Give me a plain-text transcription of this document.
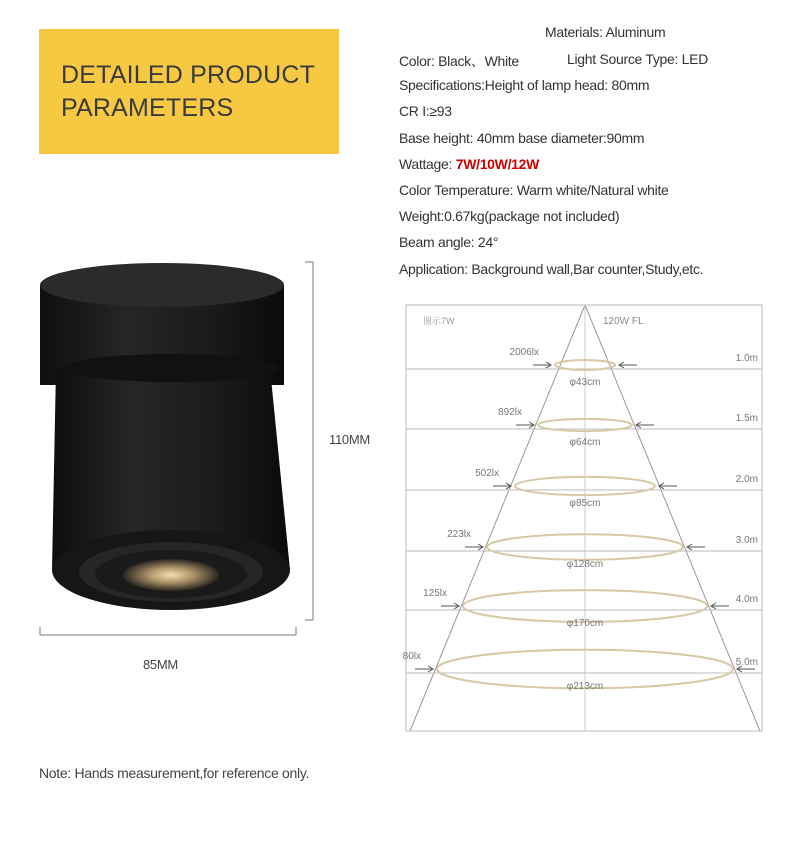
DETAILED PRODUCT
PARAMETERS
Materials: Aluminum
Color: Black、White	Light Source Type: LED
Specifications:Height of lamp head: 80mm
CR I:≥93
Base height: 40mm base diameter:90mm
Wattage: 7W/10W/12W
Color Temperature: Warm white/Natural white
Weight:0.67kg(package not included)
Beam angle: 24°
Application: Background wall,Bar counter,Study,etc.
110MM
85MM
图示7W	120W FL
2006lx
1.0m
φ43cm
892lx
1.5m
φ64cm
502lx
2.0m
φ85cm
223lx
3.0m
φ128cm
125lx
4.0m
φ170cm
80lx
5.0m
φ213cm
Note: Hands measurement,for reference only.
